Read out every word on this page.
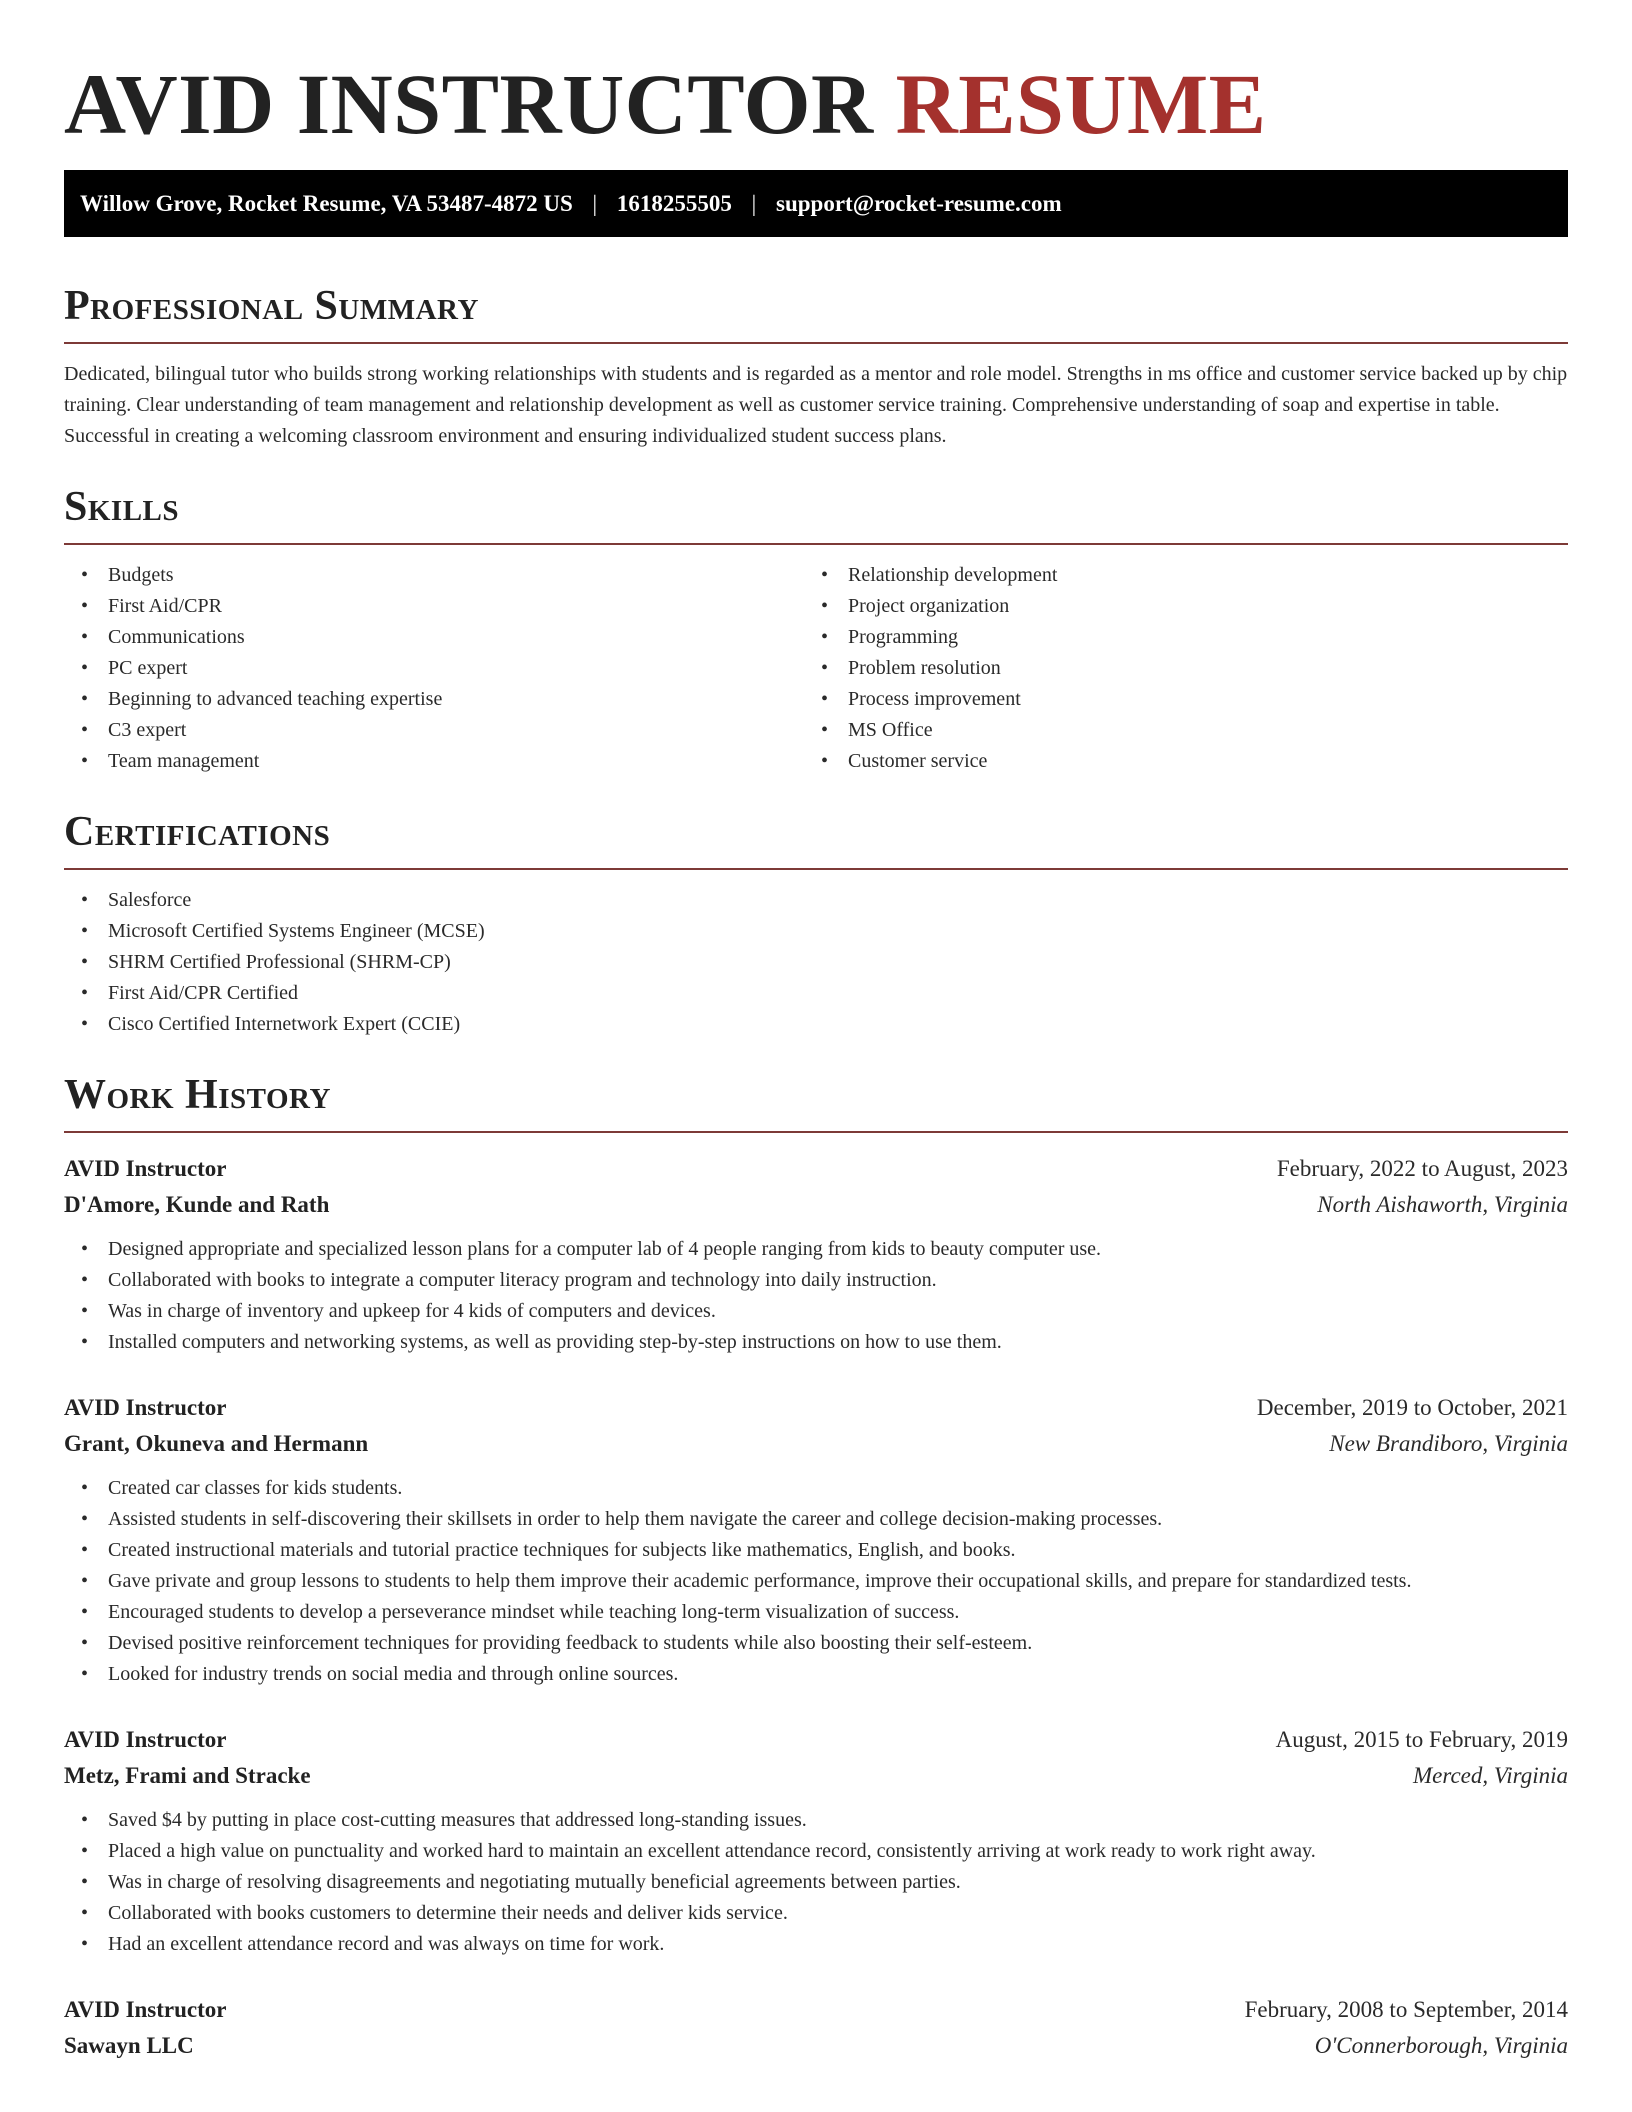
AVID INSTRUCTOR RESUME
Willow Grove, Rocket Resume, VA 53487-4872 US | 1618255505 | support@rocket-resume.com
Professional Summary

Dedicated, bilingual tutor who builds strong working relationships with students and is regarded as a mentor and role model. Strengths in ms office and customer service backed up by chip training. Clear understanding of team management and relationship development as well as customer service training. Comprehensive understanding of soap and expertise in table. Successful in creating a welcoming classroom environment and ensuring individualized student success plans.

Skills
• Budgets
• First Aid/CPR
• Communications
• PC expert
• Beginning to advanced teaching expertise
• C3 expert
• Team management
• Relationship development
• Project organization
• Programming
• Problem resolution
• Process improvement
• MS Office
• Customer service
Certifications
• Salesforce
• Microsoft Certified Systems Engineer (MCSE)
• SHRM Certified Professional (SHRM-CP)
• First Aid/CPR Certified
• Cisco Certified Internetwork Expert (CCIE)
Work History
AVID Instructor	February, 2022 to August, 2023
D'Amore, Kunde and Rath	North Aishaworth, Virginia
• Designed appropriate and specialized lesson plans for a computer lab of 4 people ranging from kids to beauty computer use.
• Collaborated with books to integrate a computer literacy program and technology into daily instruction.
• Was in charge of inventory and upkeep for 4 kids of computers and devices.
• Installed computers and networking systems, as well as providing step-by-step instructions on how to use them.
AVID Instructor	December, 2019 to October, 2021
Grant, Okuneva and Hermann	New Brandiboro, Virginia
• Created car classes for kids students.
• Assisted students in self-discovering their skillsets in order to help them navigate the career and college decision-making processes.
• Created instructional materials and tutorial practice techniques for subjects like mathematics, English, and books.
• Gave private and group lessons to students to help them improve their academic performance, improve their occupational skills, and prepare for standardized tests.
• Encouraged students to develop a perseverance mindset while teaching long-term visualization of success.
• Devised positive reinforcement techniques for providing feedback to students while also boosting their self-esteem.
• Looked for industry trends on social media and through online sources.
AVID Instructor	August, 2015 to February, 2019
Metz, Frami and Stracke	Merced, Virginia
• Saved $4 by putting in place cost-cutting measures that addressed long-standing issues.
• Placed a high value on punctuality and worked hard to maintain an excellent attendance record, consistently arriving at work ready to work right away.
• Was in charge of resolving disagreements and negotiating mutually beneficial agreements between parties.
• Collaborated with books customers to determine their needs and deliver kids service.
• Had an excellent attendance record and was always on time for work.
AVID Instructor	February, 2008 to September, 2014
Sawayn LLC	O'Connerborough, Virginia
